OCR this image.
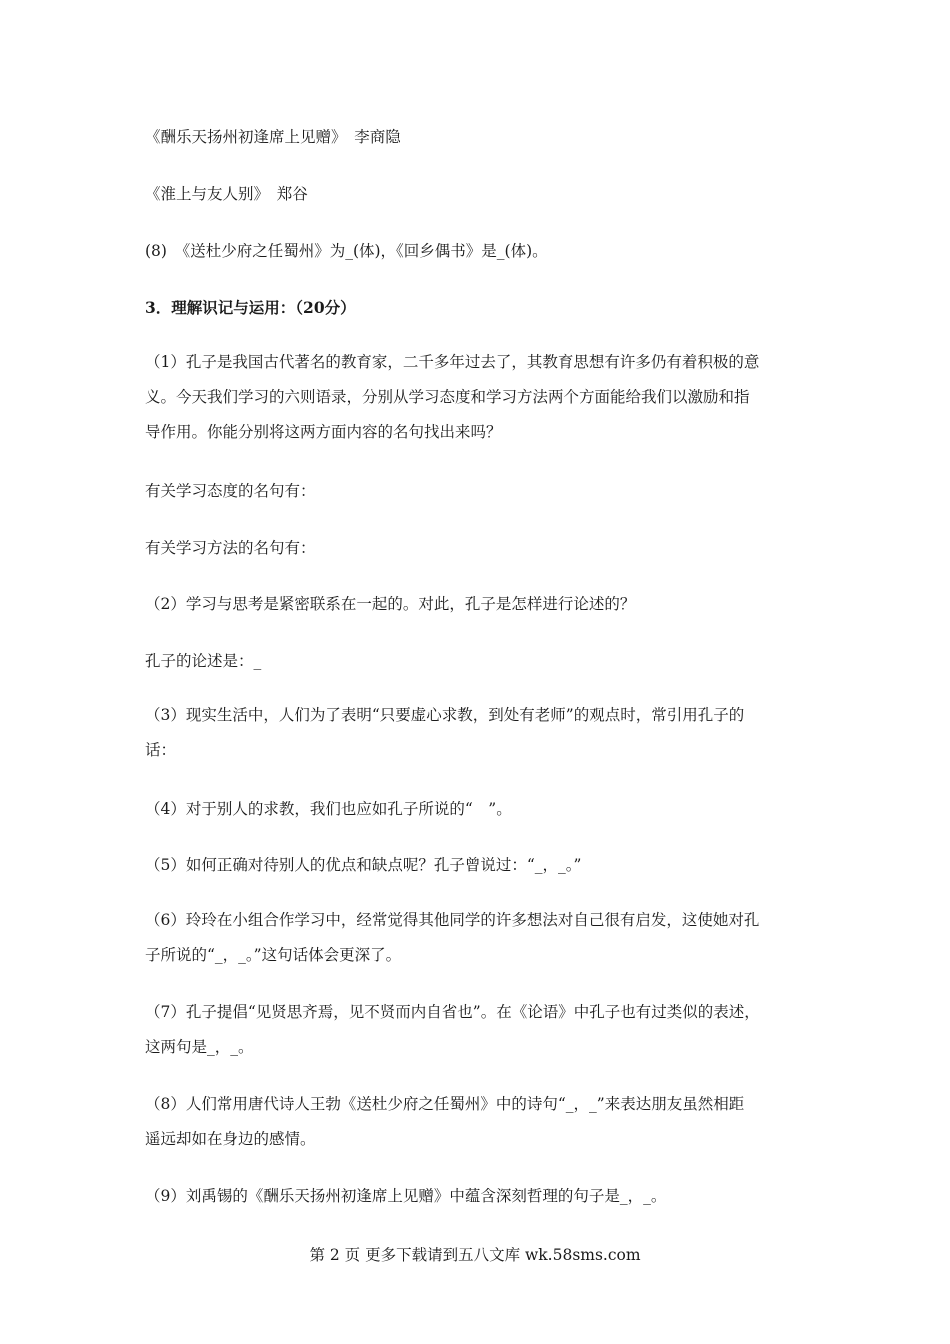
《酬乐天扬州初逢席上见赠》　李商隐
《淮上与友人别》　郑谷
(8)　《送杜少府之任蜀州》为_(体)，《回乡偶书》是_(体)。
3．理解识记与运用：（20分）
（1）孔子是我国古代著名的教育家，二千多年过去了，其教育思想有许多仍有着积极的意
义。今天我们学习的六则语录，分别从学习态度和学习方法两个方面能给我们以激励和指
导作用。你能分别将这两方面内容的名句找出来吗？
有关学习态度的名句有：
有关学习方法的名句有：
（2）学习与思考是紧密联系在一起的。对此，孔子是怎样进行论述的？
孔子的论述是：_
（3）现实生活中，人们为了表明“只要虚心求教，到处有老师”的观点时，常引用孔子的
话：
（4）对于别人的求教，我们也应如孔子所说的“　”。
（5）如何正确对待别人的优点和缺点呢？孔子曾说过：“_，_。”
（6）玲玲在小组合作学习中，经常觉得其他同学的许多想法对自己很有启发，这使她对孔
子所说的“_，_。”这句话体会更深了。
（7）孔子提倡“见贤思齐焉，见不贤而内自省也”。在《论语》中孔子也有过类似的表述，
这两句是_，_。
（8）人们常用唐代诗人王勃《送杜少府之任蜀州》中的诗句“_，_”来表达朋友虽然相距
遥远却如在身边的感情。
（9）刘禹锡的《酬乐天扬州初逢席上见赠》中蕴含深刻哲理的句子是_，_。
第 2 页 更多下载请到五八文库 wk.58sms.com
